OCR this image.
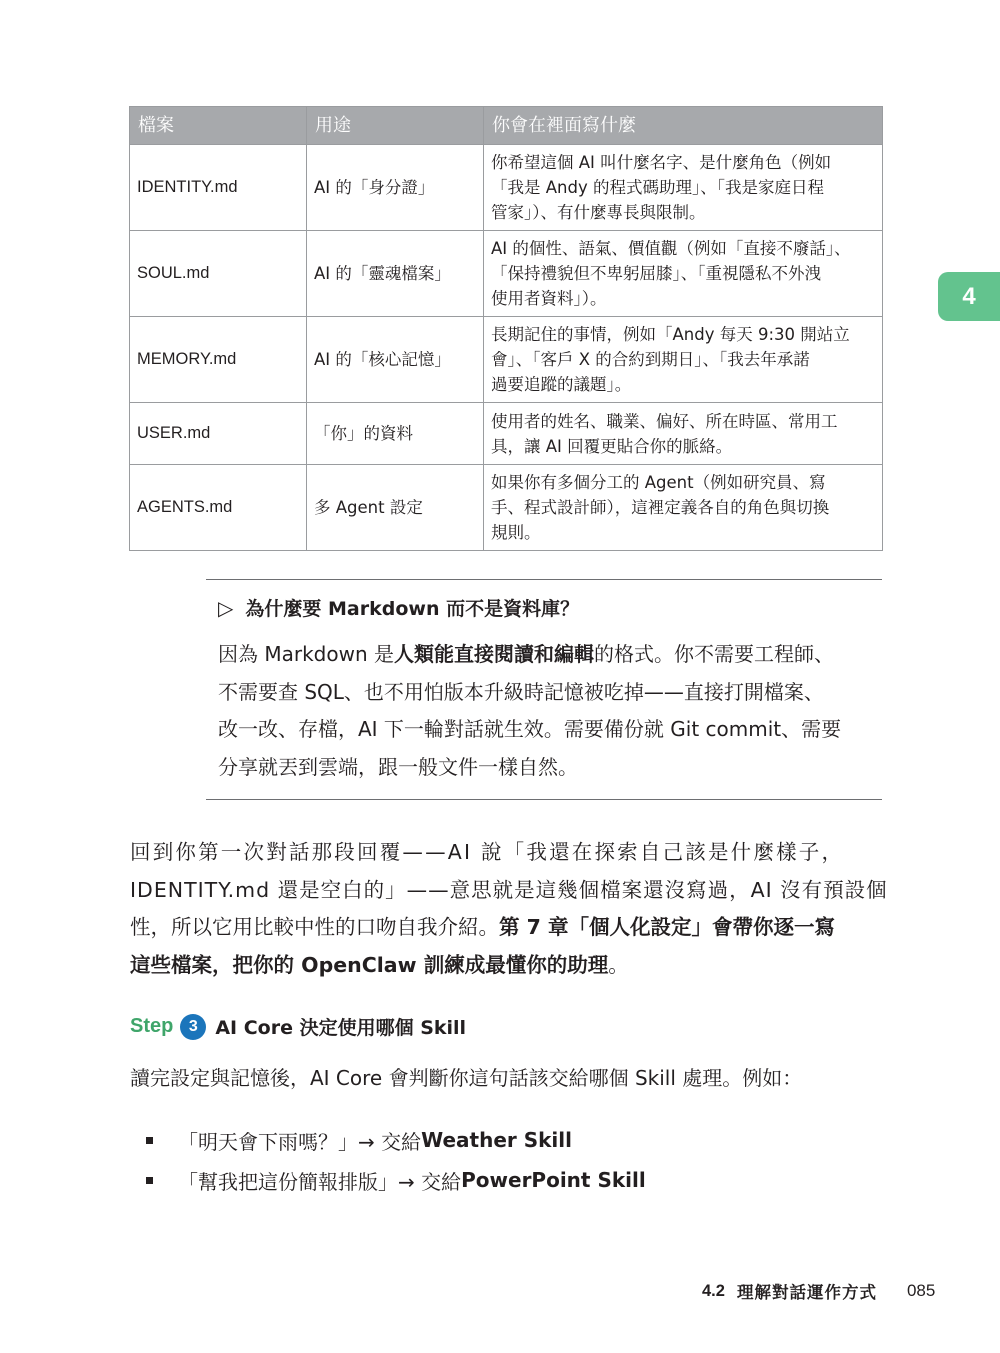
檔案	用途	你會在裡面寫什麼
IDENTITY.md	AI 的「身分證」	你希望這個 AI 叫什麼名字、是什麼角色（例如
「我是 Andy 的程式碼助理」、「我是家庭日程
管家」）、有什麼專長與限制。
SOUL.md	AI 的「靈魂檔案」	AI 的個性、語氣、價值觀（例如「直接不廢話」、
「保持禮貌但不卑躬屈膝」、「重視隱私不外洩
使用者資料」）。
MEMORY.md	AI 的「核心記憶」	長期記住的事情，例如「Andy 每天 9:30 開站立
會」、「客戶 X 的合約到期日」、「我去年承諾
過要追蹤的議題」。
USER.md	「你」的資料	使用者的姓名、職業、偏好、所在時區、常用工
具，讓 AI 回覆更貼合你的脈絡。
AGENTS.md	多 Agent 設定	如果你有多個分工的 Agent（例如研究員、寫
手、程式設計師），這裡定義各自的角色與切換
規則。
4
▷ 為什麼要 Markdown 而不是資料庫？
因為 Markdown 是人類能直接閱讀和編輯的格式。你不需要工程師、
不需要查 SQL、也不用怕版本升級時記憶被吃掉——直接打開檔案、
改一改、存檔，AI 下一輪對話就生效。需要備份就 Git commit、需要
分享就丟到雲端，跟一般文件一樣自然。
回到你第一次對話那段回覆——AI 說「我還在探索自己該是什麼樣子，
IDENTITY.md 還是空白的」——意思就是這幾個檔案還沒寫過，AI 沒有預設個
性，所以它用比較中性的口吻自我介紹。第 7 章「個人化設定」會帶你逐一寫
這些檔案，把你的 OpenClaw 訓練成最懂你的助理。
Step 3 AI Core 決定使用哪個 Skill
讀完設定與記憶後，AI Core 會判斷你這句話該交給哪個 Skill 處理。例如：
「明天會下雨嗎？」→ 交給 Weather Skill
「幫我把這份簡報排版」→ 交給 PowerPoint Skill
4.2 理解對話運作方式 085
